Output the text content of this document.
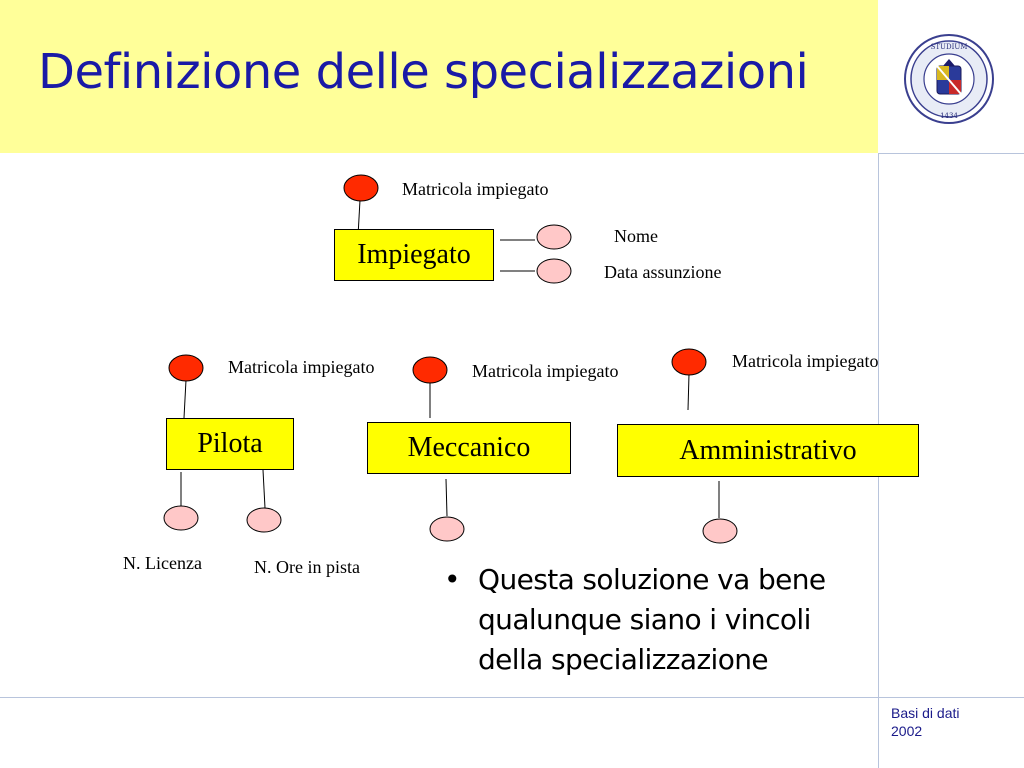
Definizione delle specializzazioni	STUDIUM
1434
Impiegato
Pilota	Meccanico	Amministrativo
Matricola impiegato
Nome
Data assunzione
Matricola impiegato	Matricola impiegato	Matricola impiegato
N. Licenza	N. Ore in pista	• Questa soluzione va bene qualunque siano i vincoli della specializzazione
Basi di dati
2002
